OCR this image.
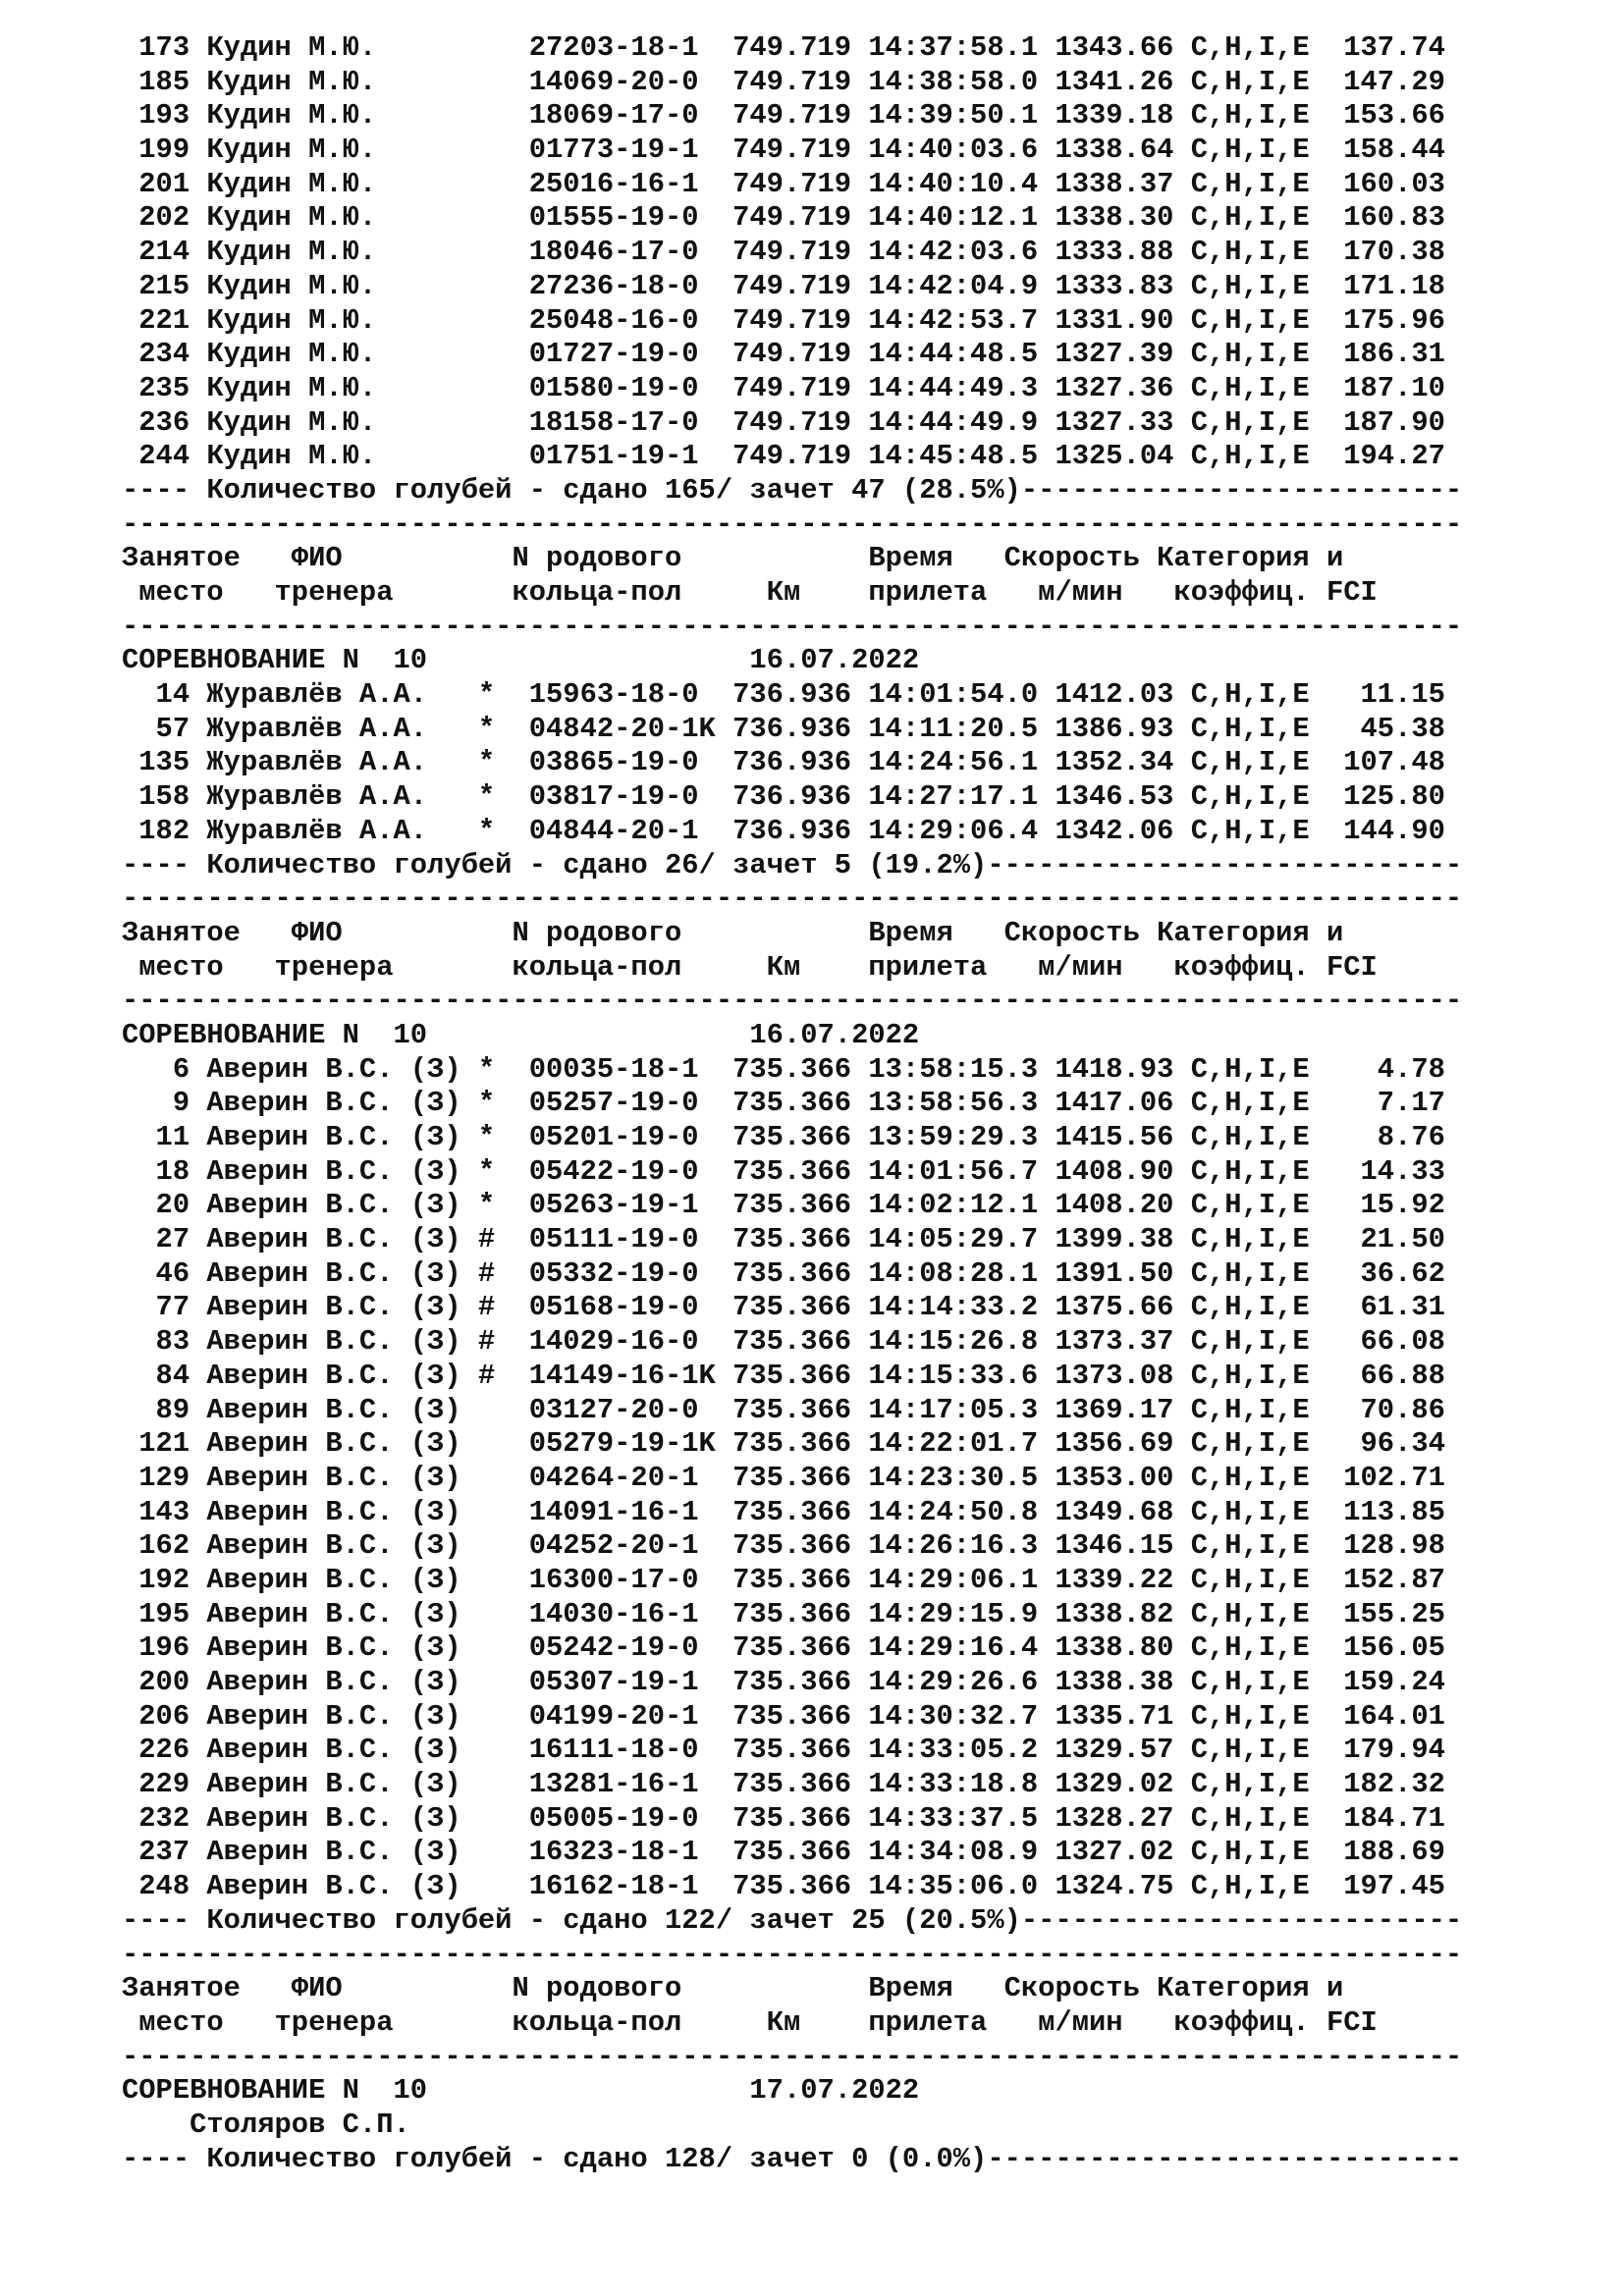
173 Кудин М.Ю.         27203-18-1  749.719 14:37:58.1 1343.66 C,H,I,E  137.74
185 Кудин М.Ю.         14069-20-0  749.719 14:38:58.0 1341.26 C,H,I,E  147.29
193 Кудин М.Ю.         18069-17-0  749.719 14:39:50.1 1339.18 C,H,I,E  153.66
199 Кудин М.Ю.         01773-19-1  749.719 14:40:03.6 1338.64 C,H,I,E  158.44
201 Кудин М.Ю.         25016-16-1  749.719 14:40:10.4 1338.37 C,H,I,E  160.03
202 Кудин М.Ю.         01555-19-0  749.719 14:40:12.1 1338.30 C,H,I,E  160.83
214 Кудин М.Ю.         18046-17-0  749.719 14:42:03.6 1333.88 C,H,I,E  170.38
215 Кудин М.Ю.         27236-18-0  749.719 14:42:04.9 1333.83 C,H,I,E  171.18
221 Кудин М.Ю.         25048-16-0  749.719 14:42:53.7 1331.90 C,H,I,E  175.96
234 Кудин М.Ю.         01727-19-0  749.719 14:44:48.5 1327.39 C,H,I,E  186.31
235 Кудин М.Ю.         01580-19-0  749.719 14:44:49.3 1327.36 C,H,I,E  187.10
236 Кудин М.Ю.         18158-17-0  749.719 14:44:49.9 1327.33 C,H,I,E  187.90
244 Кудин М.Ю.         01751-19-1  749.719 14:45:48.5 1325.04 C,H,I,E  194.27
---- Количество голубей - сдано 165/ зачет 47 (28.5%)--------------------------
-------------------------------------------------------------------------------
Занятое   ФИО          N родового           Время   Скорость Категория и
место   тренера       кольца-пол     Км    прилета   м/мин   коэффиц. FCI
-------------------------------------------------------------------------------
СОРЕВНОВАНИЕ N  10                   16.07.2022
14 Журавлёв А.А.   *  15963-18-0  736.936 14:01:54.0 1412.03 C,H,I,E   11.15
57 Журавлёв А.А.   *  04842-20-1K 736.936 14:11:20.5 1386.93 C,H,I,E   45.38
135 Журавлёв А.А.   *  03865-19-0  736.936 14:24:56.1 1352.34 C,H,I,E  107.48
158 Журавлёв А.А.   *  03817-19-0  736.936 14:27:17.1 1346.53 C,H,I,E  125.80
182 Журавлёв А.А.   *  04844-20-1  736.936 14:29:06.4 1342.06 C,H,I,E  144.90
---- Количество голубей - сдано 26/ зачет 5 (19.2%)----------------------------
-------------------------------------------------------------------------------
Занятое   ФИО          N родового           Время   Скорость Категория и
место   тренера       кольца-пол     Км    прилета   м/мин   коэффиц. FCI
-------------------------------------------------------------------------------
СОРЕВНОВАНИЕ N  10                   16.07.2022
6 Аверин В.С. (З) *  00035-18-1  735.366 13:58:15.3 1418.93 C,H,I,E    4.78
9 Аверин В.С. (З) *  05257-19-0  735.366 13:58:56.3 1417.06 C,H,I,E    7.17
11 Аверин В.С. (З) *  05201-19-0  735.366 13:59:29.3 1415.56 C,H,I,E    8.76
18 Аверин В.С. (З) *  05422-19-0  735.366 14:01:56.7 1408.90 C,H,I,E   14.33
20 Аверин В.С. (З) *  05263-19-1  735.366 14:02:12.1 1408.20 C,H,I,E   15.92
27 Аверин В.С. (З) #  05111-19-0  735.366 14:05:29.7 1399.38 C,H,I,E   21.50
46 Аверин В.С. (З) #  05332-19-0  735.366 14:08:28.1 1391.50 C,H,I,E   36.62
77 Аверин В.С. (З) #  05168-19-0  735.366 14:14:33.2 1375.66 C,H,I,E   61.31
83 Аверин В.С. (З) #  14029-16-0  735.366 14:15:26.8 1373.37 C,H,I,E   66.08
84 Аверин В.С. (З) #  14149-16-1K 735.366 14:15:33.6 1373.08 C,H,I,E   66.88
89 Аверин В.С. (З)    03127-20-0  735.366 14:17:05.3 1369.17 C,H,I,E   70.86
121 Аверин В.С. (З)    05279-19-1K 735.366 14:22:01.7 1356.69 C,H,I,E   96.34
129 Аверин В.С. (З)    04264-20-1  735.366 14:23:30.5 1353.00 C,H,I,E  102.71
143 Аверин В.С. (З)    14091-16-1  735.366 14:24:50.8 1349.68 C,H,I,E  113.85
162 Аверин В.С. (З)    04252-20-1  735.366 14:26:16.3 1346.15 C,H,I,E  128.98
192 Аверин В.С. (З)    16300-17-0  735.366 14:29:06.1 1339.22 C,H,I,E  152.87
195 Аверин В.С. (З)    14030-16-1  735.366 14:29:15.9 1338.82 C,H,I,E  155.25
196 Аверин В.С. (З)    05242-19-0  735.366 14:29:16.4 1338.80 C,H,I,E  156.05
200 Аверин В.С. (З)    05307-19-1  735.366 14:29:26.6 1338.38 C,H,I,E  159.24
206 Аверин В.С. (З)    04199-20-1  735.366 14:30:32.7 1335.71 C,H,I,E  164.01
226 Аверин В.С. (З)    16111-18-0  735.366 14:33:05.2 1329.57 C,H,I,E  179.94
229 Аверин В.С. (З)    13281-16-1  735.366 14:33:18.8 1329.02 C,H,I,E  182.32
232 Аверин В.С. (З)    05005-19-0  735.366 14:33:37.5 1328.27 C,H,I,E  184.71
237 Аверин В.С. (З)    16323-18-1  735.366 14:34:08.9 1327.02 C,H,I,E  188.69
248 Аверин В.С. (З)    16162-18-1  735.366 14:35:06.0 1324.75 C,H,I,E  197.45
---- Количество голубей - сдано 122/ зачет 25 (20.5%)--------------------------
-------------------------------------------------------------------------------
Занятое   ФИО          N родового           Время   Скорость Категория и
место   тренера       кольца-пол     Км    прилета   м/мин   коэффиц. FCI
-------------------------------------------------------------------------------
СОРЕВНОВАНИЕ N  10                   17.07.2022
Столяров С.П.
---- Количество голубей - сдано 128/ зачет 0 (0.0%)----------------------------
